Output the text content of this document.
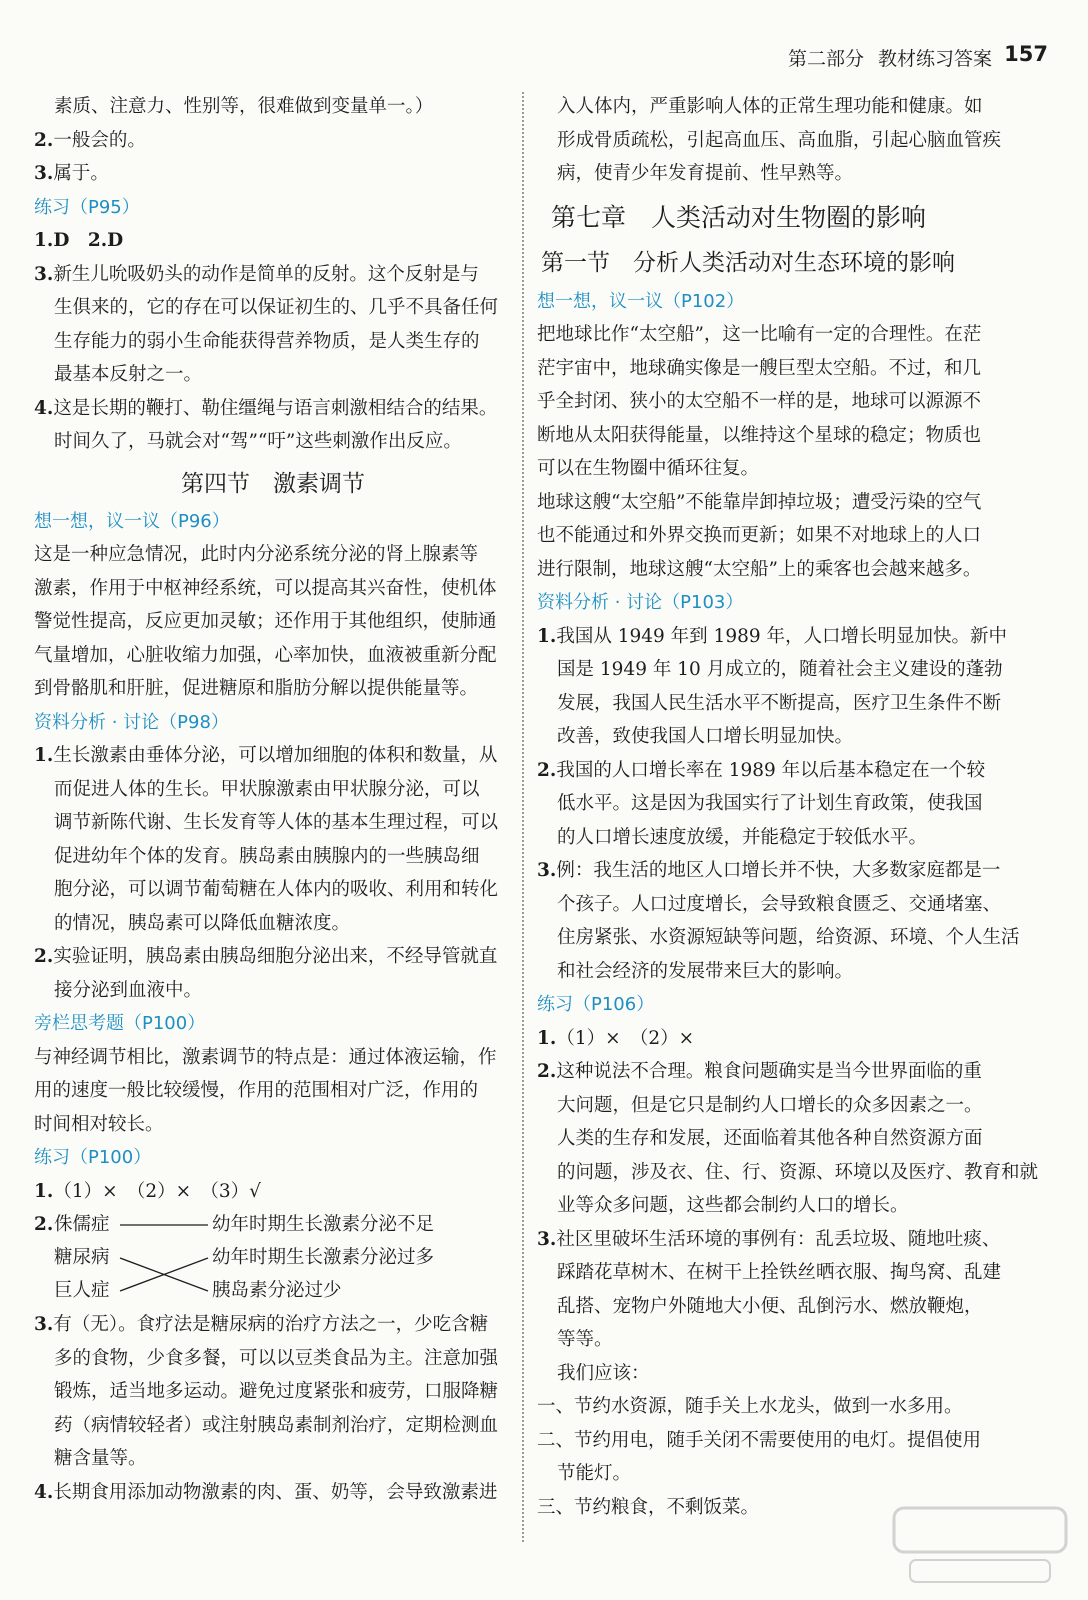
第二部分 教材练习答案 157
素质、注意力、性别等，很难做到变量单一。）
2.一般会的。
3.属于。
练习（P95）
1.D　2.D
3.新生儿吮吸奶头的动作是简单的反射。这个反射是与
生俱来的，它的存在可以保证初生的、几乎不具备任何
生存能力的弱小生命能获得营养物质，是人类生存的
最基本反射之一。
4.这是长期的鞭打、勒住缰绳与语言刺激相结合的结果。
时间久了，马就会对“驾”“吁”这些刺激作出反应。
第四节　激素调节
想一想，议一议（P96）
这是一种应急情况，此时内分泌系统分泌的肾上腺素等
激素，作用于中枢神经系统，可以提高其兴奋性，使机体
警觉性提高，反应更加灵敏；还作用于其他组织，使肺通
气量增加，心脏收缩力加强，心率加快，血液被重新分配
到骨骼肌和肝脏，促进糖原和脂肪分解以提供能量等。
资料分析 · 讨论（P98）
1.生长激素由垂体分泌，可以增加细胞的体积和数量，从
而促进人体的生长。甲状腺激素由甲状腺分泌，可以
调节新陈代谢、生长发育等人体的基本生理过程，可以
促进幼年个体的发育。胰岛素由胰腺内的一些胰岛细
胞分泌，可以调节葡萄糖在人体内的吸收、利用和转化
的情况，胰岛素可以降低血糖浓度。
2.实验证明，胰岛素由胰岛细胞分泌出来，不经导管就直
接分泌到血液中。
旁栏思考题（P100）
与神经调节相比，激素调节的特点是：通过体液运输，作
用的速度一般比较缓慢，作用的范围相对广泛，作用的
时间相对较长。
练习（P100）
1.（1）×　（2）×　（3）√
2. 侏儒症
糖尿病
巨人症
幼年时期生长激素分泌不足
幼年时期生长激素分泌过多
胰岛素分泌过少
3.有（无）。食疗法是糖尿病的治疗方法之一，少吃含糖
多的食物，少食多餐，可以以豆类食品为主。注意加强
锻炼，适当地多运动。避免过度紧张和疲劳，口服降糖
药（病情较轻者）或注射胰岛素制剂治疗，定期检测血
糖含量等。
4.长期食用添加动物激素的肉、蛋、奶等，会导致激素进
入人体内，严重影响人体的正常生理功能和健康。如
形成骨质疏松，引起高血压、高血脂，引起心脑血管疾
病，使青少年发育提前、性早熟等。
第七章　人类活动对生物圈的影响
第一节　分析人类活动对生态环境的影响
想一想，议一议（P102）
把地球比作“太空船”，这一比喻有一定的合理性。在茫
茫宇宙中，地球确实像是一艘巨型太空船。不过，和几
乎全封闭、狭小的太空船不一样的是，地球可以源源不
断地从太阳获得能量，以维持这个星球的稳定；物质也
可以在生物圈中循环往复。
地球这艘“太空船”不能靠岸卸掉垃圾；遭受污染的空气
也不能通过和外界交换而更新；如果不对地球上的人口
进行限制，地球这艘“太空船”上的乘客也会越来越多。
资料分析 · 讨论（P103）
1.我国从 1949 年到 1989 年，人口增长明显加快。新中
国是 1949 年 10 月成立的，随着社会主义建设的蓬勃
发展，我国人民生活水平不断提高，医疗卫生条件不断
改善，致使我国人口增长明显加快。
2.我国的人口增长率在 1989 年以后基本稳定在一个较
低水平。这是因为我国实行了计划生育政策，使我国
的人口增长速度放缓，并能稳定于较低水平。
3.例：我生活的地区人口增长并不快，大多数家庭都是一
个孩子。人口过度增长，会导致粮食匮乏、交通堵塞、
住房紧张、水资源短缺等问题，给资源、环境、个人生活
和社会经济的发展带来巨大的影响。
练习（P106）
1.（1）×　（2）×
2.这种说法不合理。粮食问题确实是当今世界面临的重
大问题，但是它只是制约人口增长的众多因素之一。
人类的生存和发展，还面临着其他各种自然资源方面
的问题，涉及衣、住、行、资源、环境以及医疗、教育和就
业等众多问题，这些都会制约人口的增长。
3.社区里破坏生活环境的事例有：乱丢垃圾、随地吐痰、
踩踏花草树木、在树干上拴铁丝晒衣服、掏鸟窝、乱建
乱搭、宠物户外随地大小便、乱倒污水、燃放鞭炮，
等等。
我们应该：
一、节约水资源，随手关上水龙头，做到一水多用。
二、节约用电，随手关闭不需要使用的电灯。提倡使用
节能灯。
三、节约粮食，不剩饭菜。
